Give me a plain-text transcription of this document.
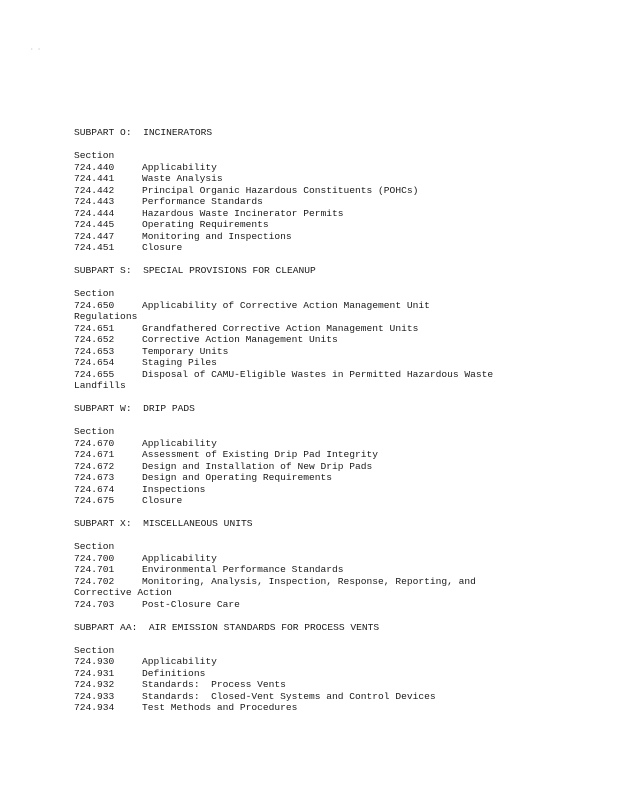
· ·
SUBPART O:  INCINERATORS
Section
724.440	Applicability
724.441	Waste Analysis
724.442	Principal Organic Hazardous Constituents (POHCs)
724.443	Performance Standards
724.444	Hazardous Waste Incinerator Permits
724.445	Operating Requirements
724.447	Monitoring and Inspections
724.451	Closure
SUBPART S:  SPECIAL PROVISIONS FOR CLEANUP
Section
724.650	Applicability of Corrective Action Management Unit
Regulations
724.651	Grandfathered Corrective Action Management Units
724.652	Corrective Action Management Units
724.653	Temporary Units
724.654	Staging Piles
724.655	Disposal of CAMU-Eligible Wastes in Permitted Hazardous Waste
Landfills
SUBPART W:  DRIP PADS
Section
724.670	Applicability
724.671	Assessment of Existing Drip Pad Integrity
724.672	Design and Installation of New Drip Pads
724.673	Design and Operating Requirements
724.674	Inspections
724.675	Closure
SUBPART X:  MISCELLANEOUS UNITS
Section
724.700	Applicability
724.701	Environmental Performance Standards
724.702	Monitoring, Analysis, Inspection, Response, Reporting, and
Corrective Action
724.703	Post-Closure Care
SUBPART AA:  AIR EMISSION STANDARDS FOR PROCESS VENTS
Section
724.930	Applicability
724.931	Definitions
724.932	Standards:  Process Vents
724.933	Standards:  Closed-Vent Systems and Control Devices
724.934	Test Methods and Procedures
